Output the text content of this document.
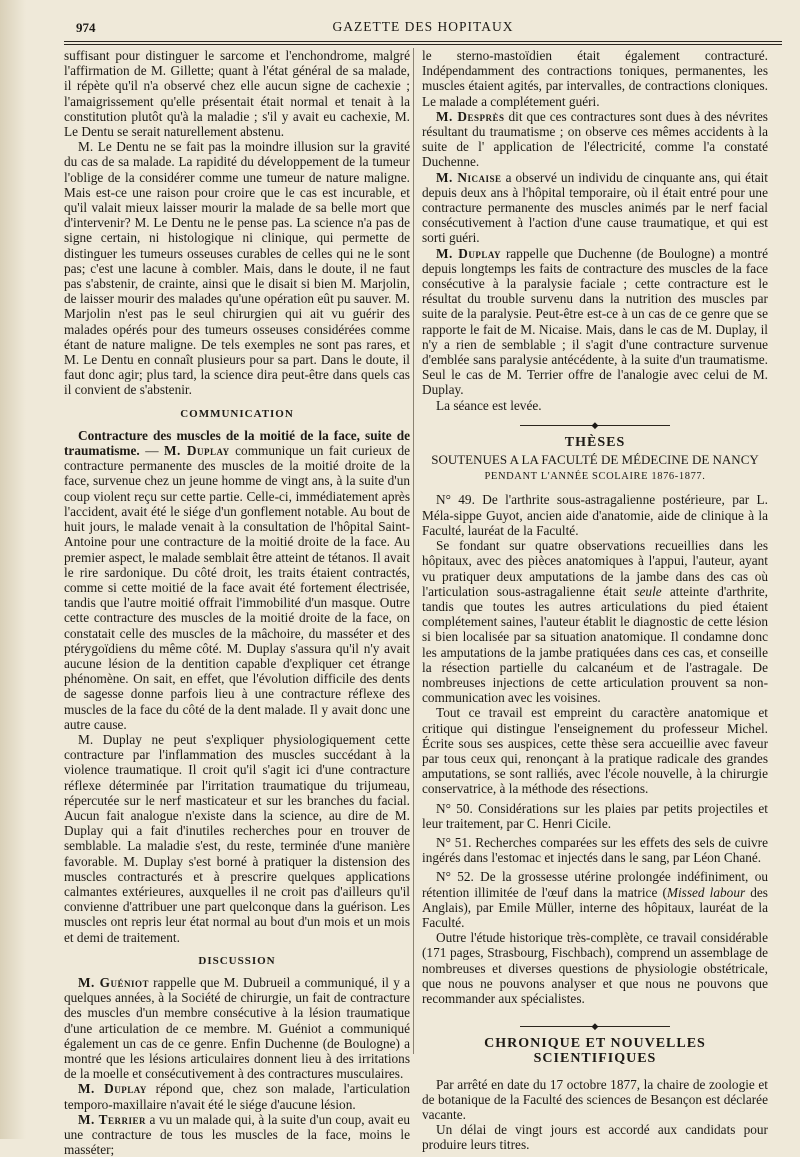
974	GAZETTE DES HOPITAUX

suffisant pour distinguer le sarcome et l'enchondrome, malgré l'affirmation de M. Gillette; quant à l'état général de sa malade, il répète qu'il n'a observé chez elle aucun signe de cachexie ; l'amaigrissement qu'elle présentait était normal et tenait à la constitution plutôt qu'à la maladie ; s'il y avait eu cachexie, M. Le Dentu se serait naturellement abstenu.

M. Le Dentu ne se fait pas la moindre illusion sur la gravité du cas de sa malade. La rapidité du développement de la tumeur l'oblige de la considérer comme une tumeur de nature maligne. Mais est-ce une raison pour croire que le cas est incurable, et qu'il valait mieux laisser mourir la malade de sa belle mort que d'intervenir? M. Le Dentu ne le pense pas. La science n'a pas de signe certain, ni histologique ni clinique, qui permette de distinguer les tumeurs osseuses curables de celles qui ne le sont pas; c'est une lacune à combler. Mais, dans le doute, il ne faut pas s'abstenir, de crainte, ainsi que le disait si bien M. Marjolin, de laisser mourir des malades qu'une opération eût pu sauver. M. Marjolin n'est pas le seul chirurgien qui ait vu guérir des malades opérés pour des tumeurs osseuses considérées comme étant de nature maligne. De tels exemples ne sont pas rares, et M. Le Dentu en connaît plusieurs pour sa part. Dans le doute, il faut donc agir; plus tard, la science dira peut-être dans quels cas il convient de s'abstenir.

COMMUNICATION

Contracture des muscles de la moitié de la face, suite de traumatisme. — M. Duplay communique un fait curieux de contracture permanente des muscles de la moitié droite de la face, survenue chez un jeune homme de vingt ans, à la suite d'un coup violent reçu sur cette partie. Celle-ci, immédiatement après l'accident, avait été le siége d'un gonflement notable. Au bout de huit jours, le malade venait à la consultation de l'hôpital Saint-Antoine pour une contracture de la moitié droite de la face. Au premier aspect, le malade semblait être atteint de tétanos. Il avait le rire sardonique. Du côté droit, les traits étaient contractés, comme si cette moitié de la face avait été fortement électrisée, tandis que l'autre moitié offrait l'immobilité d'un masque. Outre cette contracture des muscles de la moitié droite de la face, on constatait celle des muscles de la mâchoire, du masséter et des ptérygoïdiens du même côté. M. Duplay s'assura qu'il n'y avait aucune lésion de la dentition capable d'expliquer cet étrange phénomène. On sait, en effet, que l'évolution difficile des dents de sagesse donne parfois lieu à une contracture réflexe des muscles de la face du côté de la dent malade. Il y avait donc une autre cause.

M. Duplay ne peut s'expliquer physiologiquement cette contracture par l'inflammation des muscles succédant à la violence traumatique. Il croit qu'il s'agit ici d'une contracture réflexe déterminée par l'irritation traumatique du trijumeau, répercutée sur le nerf masticateur et sur les branches du facial. Aucun fait analogue n'existe dans la science, au dire de M. Duplay qui a fait d'inutiles recherches pour en trouver de semblable. La maladie s'est, du reste, terminée d'une manière favorable. M. Duplay s'est borné à pratiquer la distension des muscles contracturés et à prescrire quelques applications calmantes extérieures, auxquelles il ne croit pas d'ailleurs qu'il convienne d'attribuer une part quelconque dans la guérison. Les muscles ont repris leur état normal au bout d'un mois et un mois et demi de traitement.

DISCUSSION

M. Guéniot rappelle que M. Dubrueil a communiqué, il y a quelques années, à la Société de chirurgie, un fait de contracture des muscles d'un membre consécutive à la lésion traumatique d'une articulation de ce membre. M. Guéniot a communiqué également un cas de ce genre. Enfin Duchenne (de Boulogne) a montré que les lésions articulaires donnent lieu à des irritations de la moelle et consécutivement à des contractures musculaires.

M. Duplay répond que, chez son malade, l'articulation temporo-maxillaire n'avait été le siége d'aucune lésion.

M. Terrier a vu un malade qui, à la suite d'un coup, avait eu une contracture de tous les muscles de la face, moins le masséter;

le sterno-mastoïdien était également contracturé. Indépendamment des contractions toniques, permanentes, les muscles étaient agités, par intervalles, de contractions cloniques. Le malade a complétement guéri.

M. Desprès dit que ces contractures sont dues à des névrites résultant du traumatisme ; on observe ces mêmes accidents à la suite de l' application de l'électricité, comme l'a constaté Duchenne.

M. Nicaise a observé un individu de cinquante ans, qui était depuis deux ans à l'hôpital temporaire, où il était entré pour une contracture permanente des muscles animés par le nerf facial consécutivement à l'action d'une cause traumatique, et qui est sorti guéri.

M. Duplay rappelle que Duchenne (de Boulogne) a montré depuis longtemps les faits de contracture des muscles de la face consécutive à la paralysie faciale ; cette contracture est le résultat du trouble survenu dans la nutrition des muscles par suite de la paralysie. Peut-être est-ce à un cas de ce genre que se rapporte le fait de M. Nicaise. Mais, dans le cas de M. Duplay, il n'y a rien de semblable ; il s'agit d'une contracture survenue d'emblée sans paralysie antécédente, à la suite d'un traumatisme. Seul le cas de M. Terrier offre de l'analogie avec celui de M. Duplay.

La séance est levée.

◆
THÈSES
SOUTENUES A LA FACULTÉ DE MÉDECINE DE NANCY
PENDANT L'ANNÉE SCOLAIRE 1876-1877.

N° 49. De l'arthrite sous-astragalienne postérieure, par L. Méla-sippe Guyot, ancien aide d'anatomie, aide de clinique à la Faculté, lauréat de la Faculté.

Se fondant sur quatre observations recueillies dans les hôpitaux, avec des pièces anatomiques à l'appui, l'auteur, ayant vu pratiquer deux amputations de la jambe dans des cas où l'articulation sous-astragalienne était seule atteinte d'arthrite, tandis que toutes les autres articulations du pied étaient complétement saines, l'auteur établit le diagnostic de cette lésion si bien localisée par sa situation anatomique. Il condamne donc les amputations de la jambe pratiquées dans ces cas, et conseille la résection partielle du calcanéum et de l'astragale. De nombreuses injections de cette articulation prouvent sa non-communication avec les voisines.

Tout ce travail est empreint du caractère anatomique et critique qui distingue l'enseignement du professeur Michel. Écrite sous ses auspices, cette thèse sera accueillie avec faveur par tous ceux qui, renonçant à la pratique radicale des grandes amputations, se sont ralliés, avec l'école nouvelle, à la chirurgie conservatrice, à la méthode des résections.

N° 50. Considérations sur les plaies par petits projectiles et leur traitement, par C. Henri Cicile.

N° 51. Recherches comparées sur les effets des sels de cuivre ingérés dans l'estomac et injectés dans le sang, par Léon Chané.

N° 52. De la grossesse utérine prolongée indéfiniment, ou rétention illimitée de l'œuf dans la matrice (Missed labour des Anglais), par Emile Müller, interne des hôpitaux, lauréat de la Faculté.

Outre l'étude historique très-complète, ce travail considérable (171 pages, Strasbourg, Fischbach), comprend un assemblage de nombreuses et diverses questions de physiologie obstétricale, que nous ne pouvons analyser et que nous ne pouvons que recommander aux spécialistes.

◆
CHRONIQUE ET NOUVELLES SCIENTIFIQUES

Par arrêté en date du 17 octobre 1877, la chaire de zoologie et de botanique de la Faculté des sciences de Besançon est déclarée vacante.

Un délai de vingt jours est accordé aux candidats pour produire leurs titres.
